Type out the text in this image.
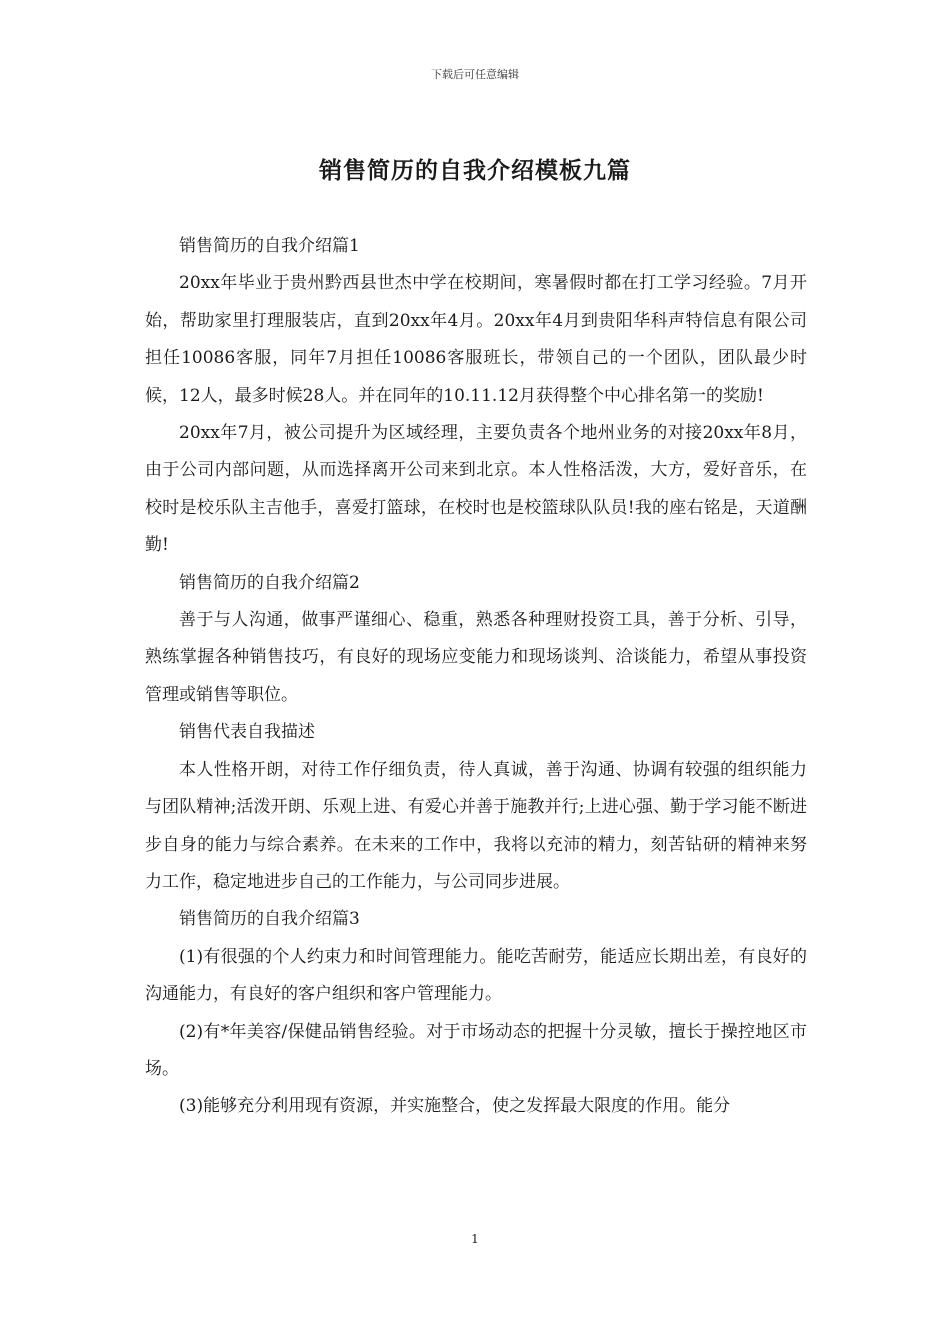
下载后可任意编辑
销售简历的自我介绍模板九篇

销售简历的自我介绍篇1

20xx年毕业于贵州黔西县世杰中学在校期间，寒暑假时都在打工学习经验。7月开始，帮助家里打理服装店，直到20xx年4月。20xx年4月到贵阳华科声特信息有限公司担任10086客服，同年7月担任10086客服班长，带领自己的一个团队，团队最少时候，12人，最多时候28人。并在同年的10.11.12月获得整个中心排名第一的奖励!

20xx年7月，被公司提升为区域经理，主要负责各个地州业务的对接20xx年8月，由于公司内部问题，从而选择离开公司来到北京。本人性格活泼，大方，爱好音乐，在校时是校乐队主吉他手，喜爱打篮球，在校时也是校篮球队队员!我的座右铭是，天道酬勤!

销售简历的自我介绍篇2

善于与人沟通，做事严谨细心、稳重，熟悉各种理财投资工具，善于分析、引导，熟练掌握各种销售技巧，有良好的现场应变能力和现场谈判、洽谈能力，希望从事投资管理或销售等职位。

销售代表自我描述

本人性格开朗，对待工作仔细负责，待人真诚，善于沟通、协调有较强的组织能力与团队精神;活泼开朗、乐观上进、有爱心并善于施教并行;上进心强、勤于学习能不断进步自身的能力与综合素养。在未来的工作中，我将以充沛的精力，刻苦钻研的精神来努力工作，稳定地进步自己的工作能力，与公司同步进展。

销售简历的自我介绍篇3

(1)有很强的个人约束力和时间管理能力。能吃苦耐劳，能适应长期出差，有良好的沟通能力，有良好的客户组织和客户管理能力。

(2)有*年美容/保健品销售经验。对于市场动态的把握十分灵敏，擅长于操控地区市场。

(3)能够充分利用现有资源，并实施整合，使之发挥最大限度的作用。能分

1
